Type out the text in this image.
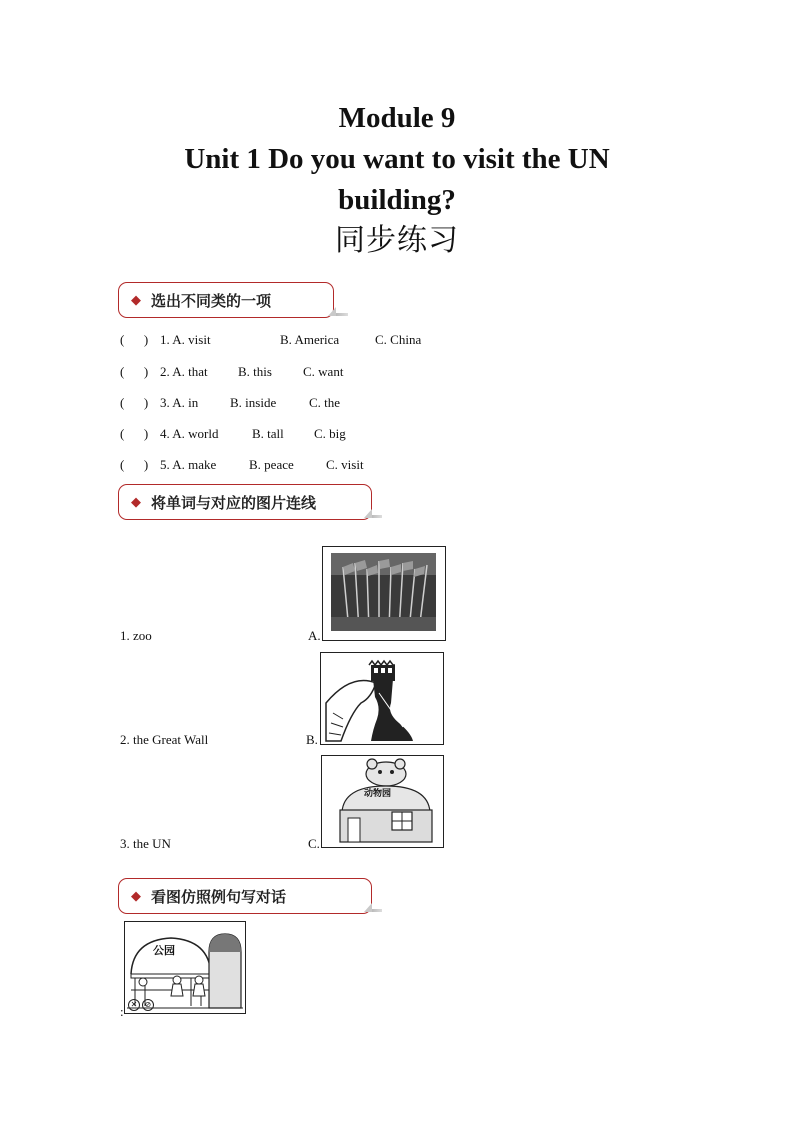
Module 9
Unit 1 Do you want to visit the UN
building?
同步练习
◆ 选出不同类的一项
(      ) 1. A. visit	B. America	C. China
(      ) 2. A. that B. this C. want
(      ) 3. A. in B. inside	C. the
(      ) 4. A. world	B. tall C. big
(      ) 5. A. make	B. peace C. visit
◆ 将单词与对应的图片连线
1. zoo
2. the Great Wall
3. the UN
A.
B.
C.
动物园
◆ 看图仿照例句写对话
公园
✕ ⊘
:
